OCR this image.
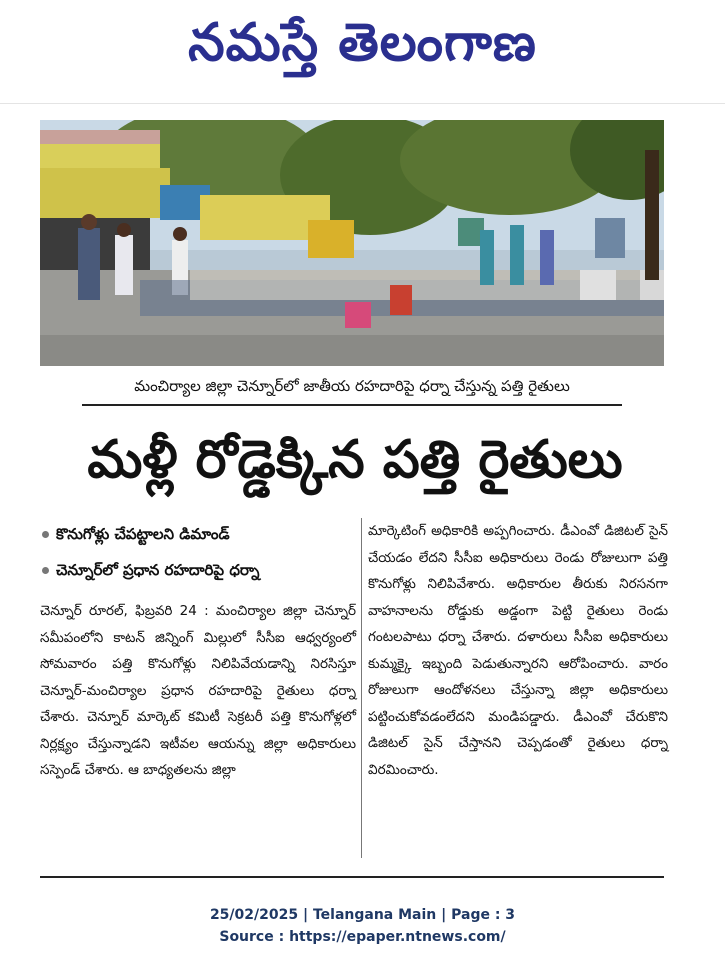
నమస్తే తెలంగాణ
మంచిర్యాల జిల్లా చెన్నూర్‌లో జాతీయ రహదారిపై ధర్నా చేస్తున్న పత్తి రైతులు
మళ్లీ రోడ్డెక్కిన పత్తి రైతులు
కొనుగోళ్లు చేపట్టాలని డిమాండ్
చెన్నూర్‌లో ప్రధాన రహదారిపై ధర్నా

చెన్నూర్ రూరల్, ఫిబ్రవరి 24 : మంచిర్యాల జిల్లా చెన్నూర్ సమీపంలోని కాటన్ జిన్నింగ్ మిల్లులో సీసీఐ ఆధ్వర్యంలో సోమవారం పత్తి కొనుగోళ్లు నిలిపివేయడాన్ని నిరసిస్తూ చెన్నూర్-మంచిర్యాల ప్రధాన రహదారిపై రైతులు ధర్నా చేశారు. చెన్నూర్ మార్కెట్ కమిటీ సెక్రటరీ పత్తి కొనుగోళ్లలో నిర్లక్ష్యం చేస్తున్నాడని ఇటీవల ఆయన్ను జిల్లా అధికారులు సస్పెండ్ చేశారు. ఆ బాధ్యతలను జిల్లా

మార్కెటింగ్ అధికారికి అప్పగించారు. డీఎంవో డిజిటల్ సైన్ చేయడం లేదని సీసీఐ అధికారులు రెండు రోజులుగా పత్తి కొనుగోళ్లు నిలిపివేశారు. అధికారుల తీరుకు నిరసనగా వాహనాలను రోడ్డుకు అడ్డంగా పెట్టి రైతులు రెండు గంటలపాటు ధర్నా చేశారు. దళారులు సీసీఐ అధికారులు కుమ్మక్కై ఇబ్బంది పెడుతున్నారని ఆరోపించారు. వారం రోజులుగా ఆందోళనలు చేస్తున్నా జిల్లా అధికారులు పట్టించుకోవడంలేదని మండిపడ్డారు. డీఎంవో చేరుకొని డిజిటల్ సైన్ చేస్తానని చెప్పడంతో రైతులు ధర్నా విరమించారు.

25/02/2025 | Telangana Main | Page : 3
Source : https://epaper.ntnews.com/
